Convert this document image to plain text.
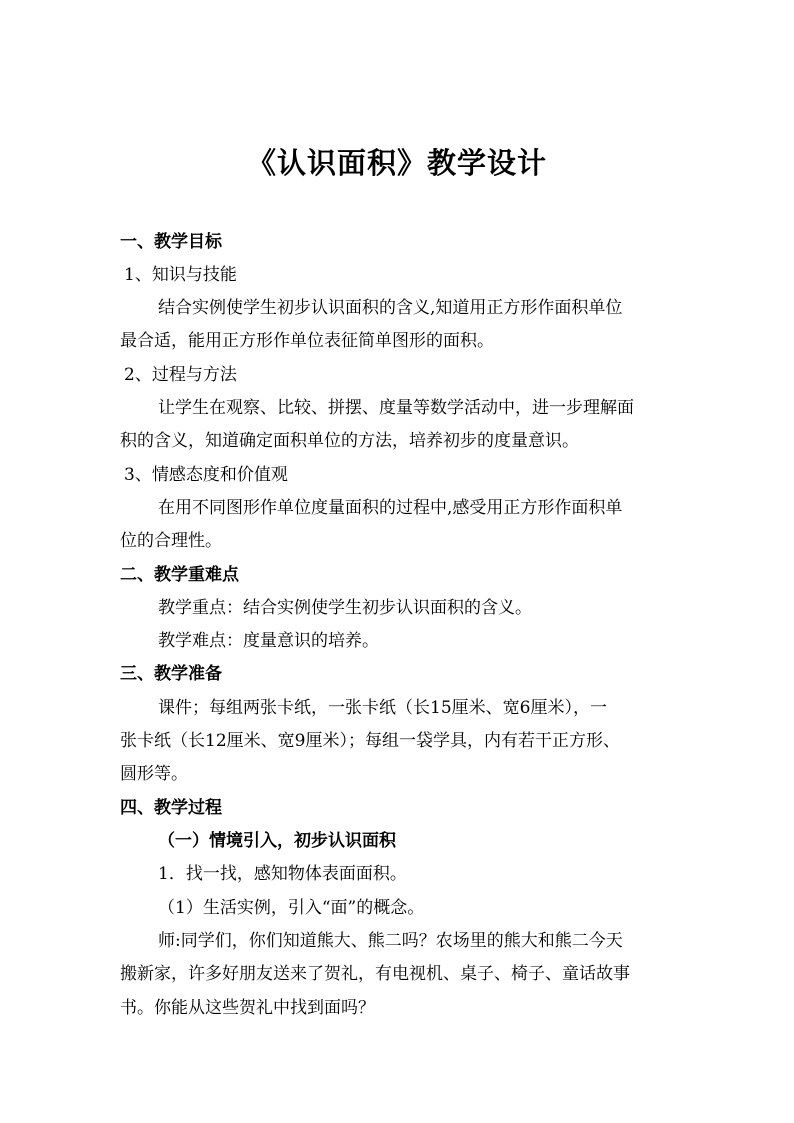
《认识面积》教学设计
一、教学目标
1、知识与技能
结合实例使学生初步认识面积的含义,知道用正方形作面积单位
最合适，能用正方形作单位表征简单图形的面积。
2、过程与方法
让学生在观察、比较、拼摆、度量等数学活动中，进一步理解面
积的含义，知道确定面积单位的方法，培养初步的度量意识。
3、情感态度和价值观
在用不同图形作单位度量面积的过程中,感受用正方形作面积单
位的合理性。
二、教学重难点
教学重点：结合实例使学生初步认识面积的含义。
教学难点：度量意识的培养。
三、教学准备
课件；每组两张卡纸，一张卡纸（长15厘米、宽6厘米），一
张卡纸（长12厘米、宽9厘米）；每组一袋学具，内有若干正方形、
圆形等。
四、教学过程
（一）情境引入，初步认识面积
1．找一找，感知物体表面面积。
（1）生活实例，引入“面”的概念。
师:同学们，你们知道熊大、熊二吗？农场里的熊大和熊二今天
搬新家，许多好朋友送来了贺礼，有电视机、桌子、椅子、童话故事
书。你能从这些贺礼中找到面吗？
